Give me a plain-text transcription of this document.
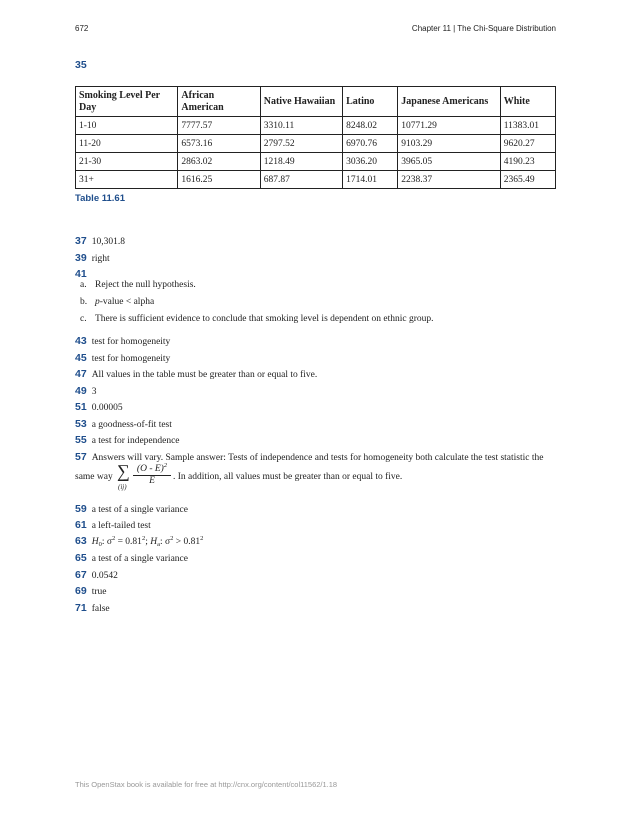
672	Chapter 11 | The Chi-Square Distribution
35
Smoking Level Per Day	African American	Native Hawaiian	Latino	Japanese Americans	White
1-10	7777.57	3310.11	8248.02	10771.29	11383.01
11-20	6573.16	2797.52	6970.76	9103.29	9620.27
21-30	2863.02	1218.49	3036.20	3965.05	4190.23
31+	1616.25	687.87	1714.01	2238.37	2365.49
Table 11.61
37 10,301.8
39 right
41
a. Reject the null hypothesis.
b. p-value < alpha
c. There is sufficient evidence to conclude that smoking level is dependent on ethnic group.
43 test for homogeneity
45 test for homogeneity
47 All values in the table must be greater than or equal to five.
49 3
51 0.00005
53 a goodness-of-fit test
55 a test for independence
57 Answers will vary. Sample answer: Tests of independence and tests for homogeneity both calculate the test statistic the
same way ∑
(ij)
$\frac{(O - E)^2}{E}$ . In addition, all values must be greater than or equal to five.
59 a test of a single variance
61 a left-tailed test
63 $H_0$: $\sigma^2 = 0.81^2$; $H_a$: $\sigma^2 > 0.81^2$
65 a test of a single variance
67 0.0542
69 true
71 false
This OpenStax book is available for free at http://cnx.org/content/col11562/1.18
